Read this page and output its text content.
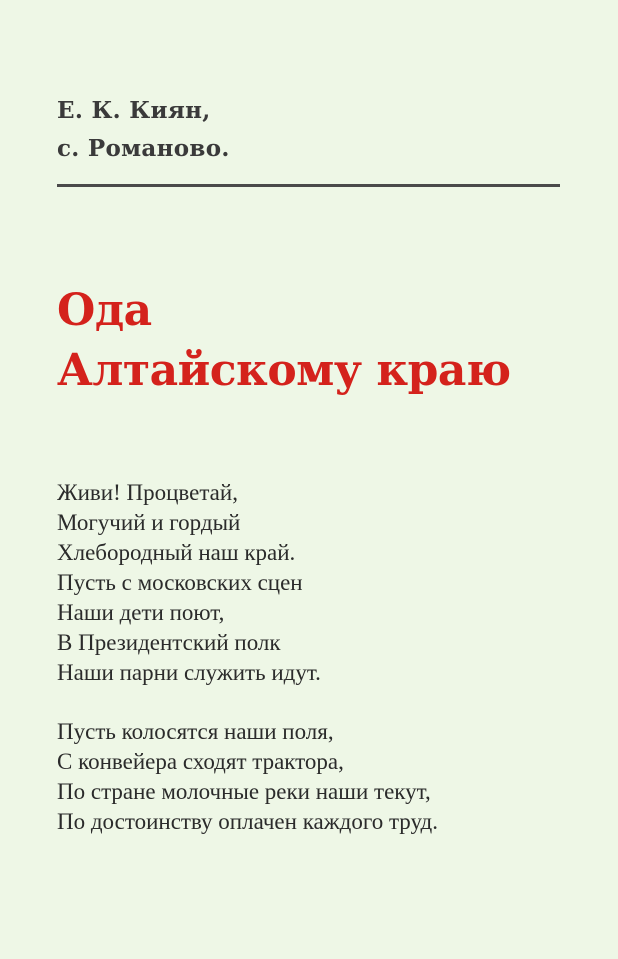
Е. К. Киян,
с. Романово.
Ода
Алтайскому краю
Живи! Процветай,
Могучий и гордый
Хлебородный наш край.
Пусть с московских сцен
Наши дети поют,
В Президентский полк
Наши парни служить идут.
Пусть колосятся наши поля,
С конвейера сходят трактора,
По стране молочные реки наши текут,
По достоинству оплачен каждого труд.
